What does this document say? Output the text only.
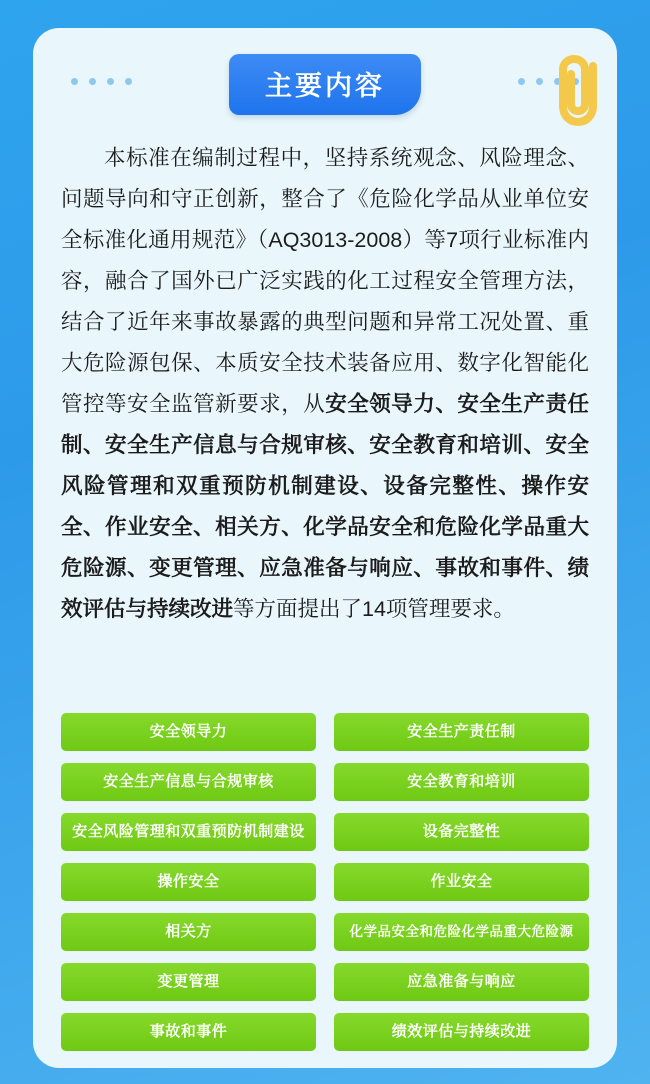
主要内容
本标准在编制过程中，坚持系统观念、风险理念、问题导向和守正创新，整合了《危险化学品从业单位安全标准化通用规范》（AQ3013-2008）等7项行业标准内容，融合了国外已广泛实践的化工过程安全管理方法，结合了近年来事故暴露的典型问题和异常工况处置、重大危险源包保、本质安全技术装备应用、数字化智能化管控等安全监管新要求，从安全领导力、安全生产责任制、安全生产信息与合规审核、安全教育和培训、安全风险管理和双重预防机制建设、设备完整性、操作安全、作业安全、相关方、化学品安全和危险化学品重大危险源、变更管理、应急准备与响应、事故和事件、绩效评估与持续改进等方面提出了14项管理要求。
安全领导力	安全生产责任制
安全生产信息与合规审核	安全教育和培训
安全风险管理和双重预防机制建设	设备完整性
操作安全	作业安全
相关方	化学品安全和危险化学品重大危险源
变更管理	应急准备与响应
事故和事件	绩效评估与持续改进
